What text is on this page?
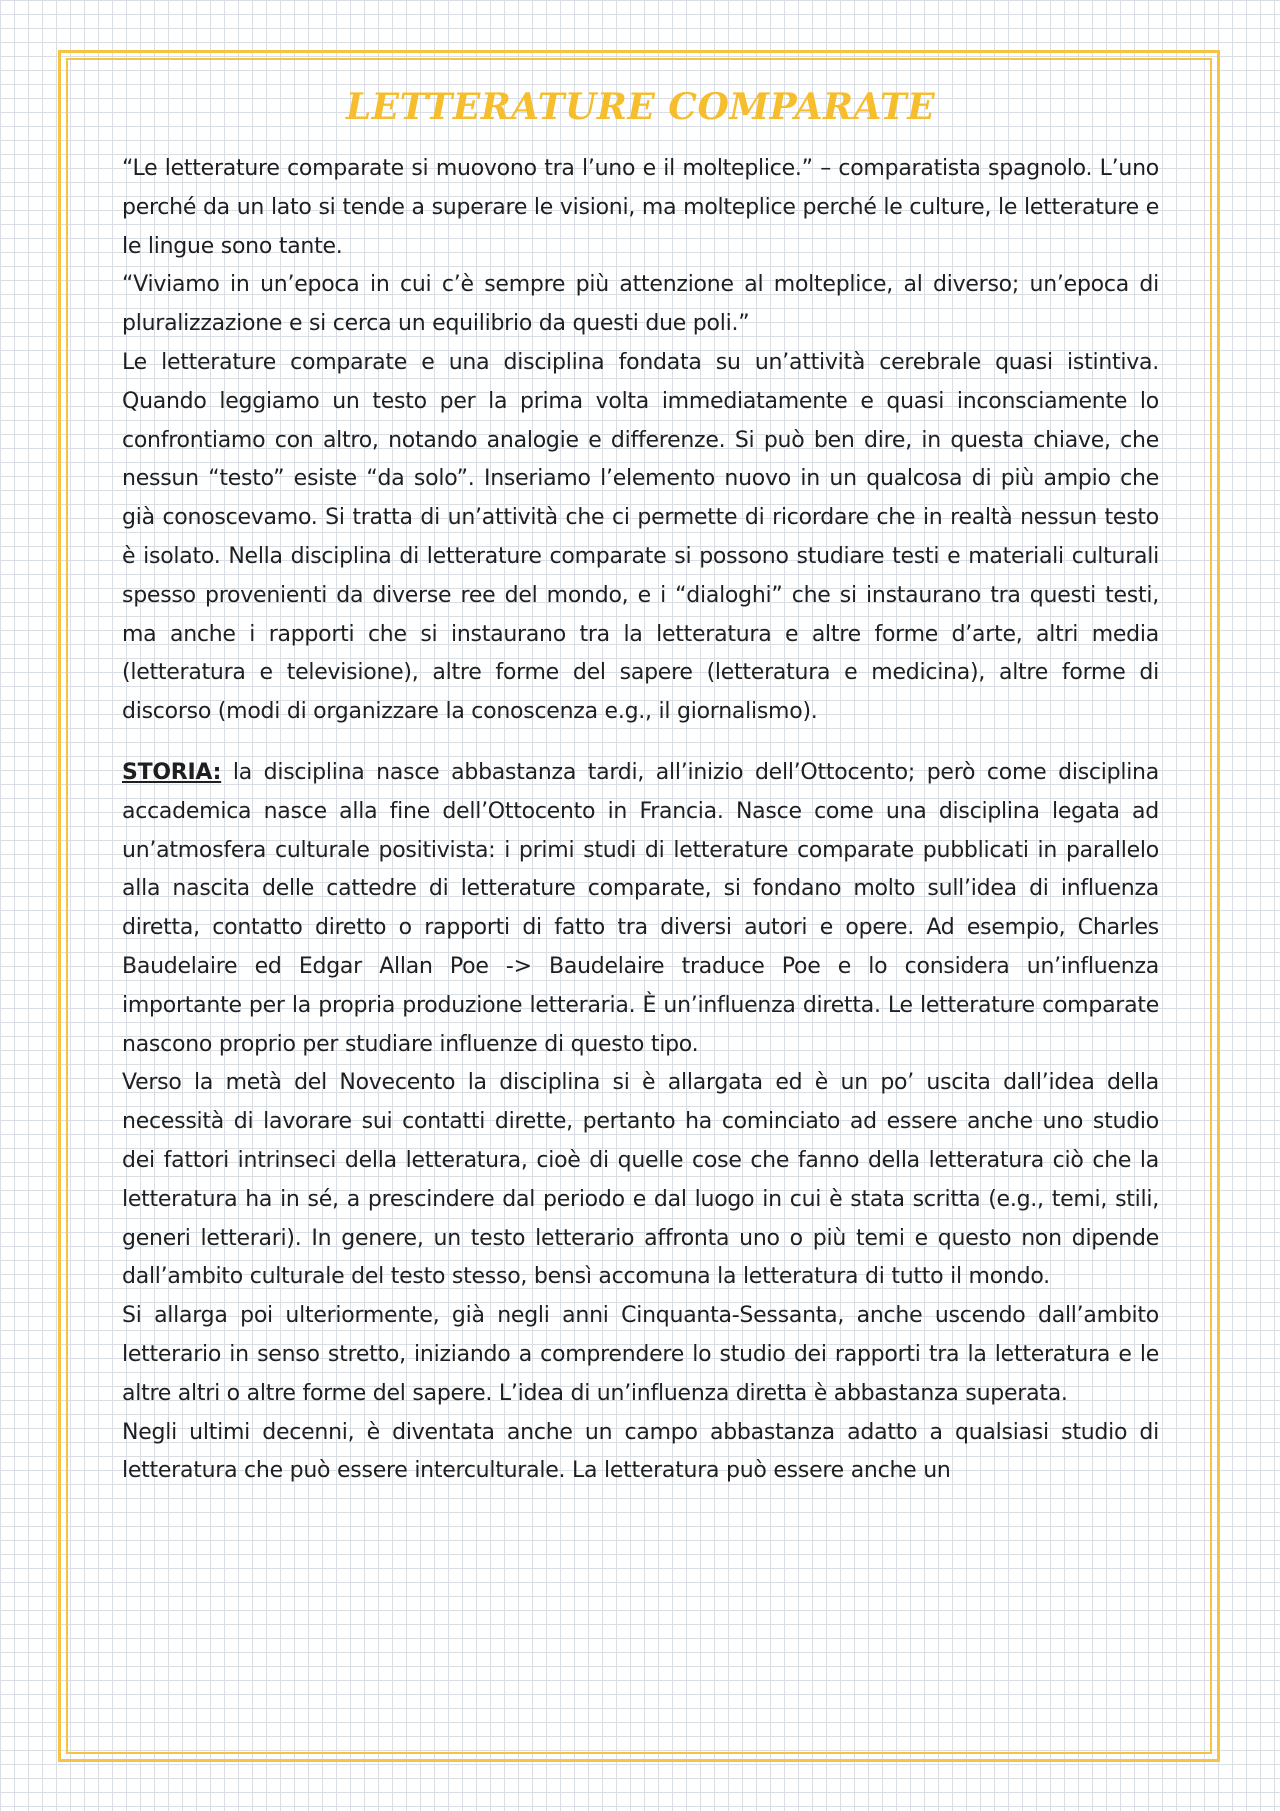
LETTERATURE COMPARATE

“Le letterature comparate si muovono tra l’uno e il molteplice.” – comparatista spagnolo. L’uno perché da un lato si tende a superare le visioni, ma molteplice perché le culture, le letterature e le lingue sono tante.

“Viviamo in un’epoca in cui c’è sempre più attenzione al molteplice, al diverso; un’epoca di pluralizzazione e si cerca un equilibrio da questi due poli.”

Le letterature comparate e una disciplina fondata su un’attività cerebrale quasi istintiva. Quando leggiamo un testo per la prima volta immediatamente e quasi inconsciamente lo confrontiamo con altro, notando analogie e differenze. Si può ben dire, in questa chiave, che nessun “testo” esiste “da solo”. Inseriamo l’elemento nuovo in un qualcosa di più ampio che già conoscevamo. Si tratta di un’attività che ci permette di ricordare che in realtà nessun testo è isolato. Nella disciplina di letterature comparate si possono studiare testi e materiali culturali spesso provenienti da diverse ree del mondo, e i “dialoghi” che si instaurano tra questi testi, ma anche i rapporti che si instaurano tra la letteratura e altre forme d’arte, altri media (letteratura e televisione), altre forme del sapere (letteratura e medicina), altre forme di discorso (modi di organizzare la conoscenza e.g., il giornalismo).

STORIA: la disciplina nasce abbastanza tardi, all’inizio dell’Ottocento; però come disciplina accademica nasce alla fine dell’Ottocento in Francia. Nasce come una disciplina legata ad un’atmosfera culturale positivista: i primi studi di letterature comparate pubblicati in parallelo alla nascita delle cattedre di letterature comparate, si fondano molto sull’idea di influenza diretta, contatto diretto o rapporti di fatto tra diversi autori e opere. Ad esempio, Charles Baudelaire ed Edgar Allan Poe -> Baudelaire traduce Poe e lo considera un’influenza importante per la propria produzione letteraria. È un’influenza diretta. Le letterature comparate nascono proprio per studiare influenze di questo tipo.

Verso la metà del Novecento la disciplina si è allargata ed è un po’ uscita dall’idea della necessità di lavorare sui contatti dirette, pertanto ha cominciato ad essere anche uno studio dei fattori intrinseci della letteratura, cioè di quelle cose che fanno della letteratura ciò che la letteratura ha in sé, a prescindere dal periodo e dal luogo in cui è stata scritta (e.g., temi, stili, generi letterari). In genere, un testo letterario affronta uno o più temi e questo non dipende dall’ambito culturale del testo stesso, bensì accomuna la letteratura di tutto il mondo.

Si allarga poi ulteriormente, già negli anni Cinquanta-Sessanta, anche uscendo dall’ambito letterario in senso stretto, iniziando a comprendere lo studio dei rapporti tra la letteratura e le altre altri o altre forme del sapere. L’idea di un’influenza diretta è abbastanza superata.

Negli ultimi decenni, è diventata anche un campo abbastanza adatto a qualsiasi studio di letteratura che può essere interculturale. La letteratura può essere anche un
